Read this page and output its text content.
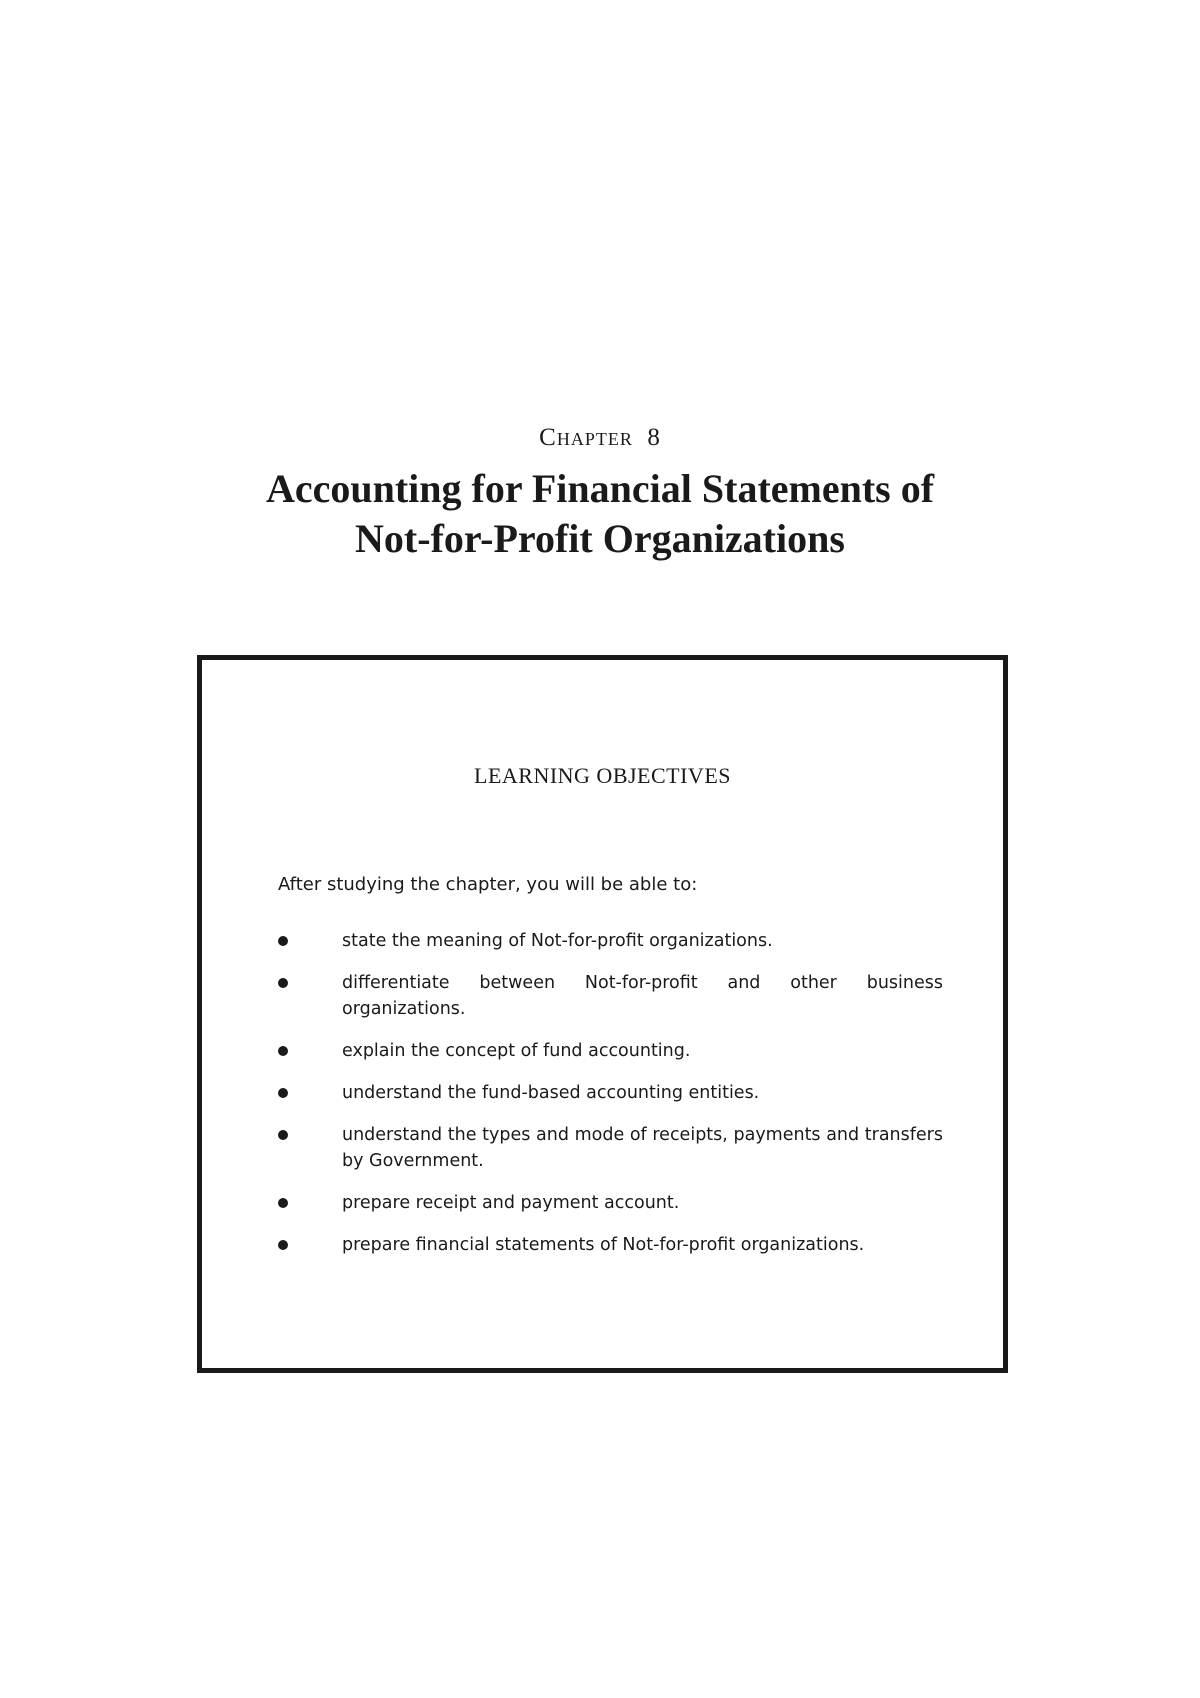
CHAPTER 8
Accounting for Financial Statements of
Not-for-Profit Organizations
LEARNING OBJECTIVES
After studying the chapter, you will be able to:
state the meaning of Not-for-profit organizations.
differentiate between Not-for-profit and other business organizations.
explain the concept of fund accounting.
understand the fund-based accounting entities.
understand the types and mode of receipts, payments and transfers by Government.
prepare receipt and payment account.
prepare financial statements of Not-for-profit organizations.
